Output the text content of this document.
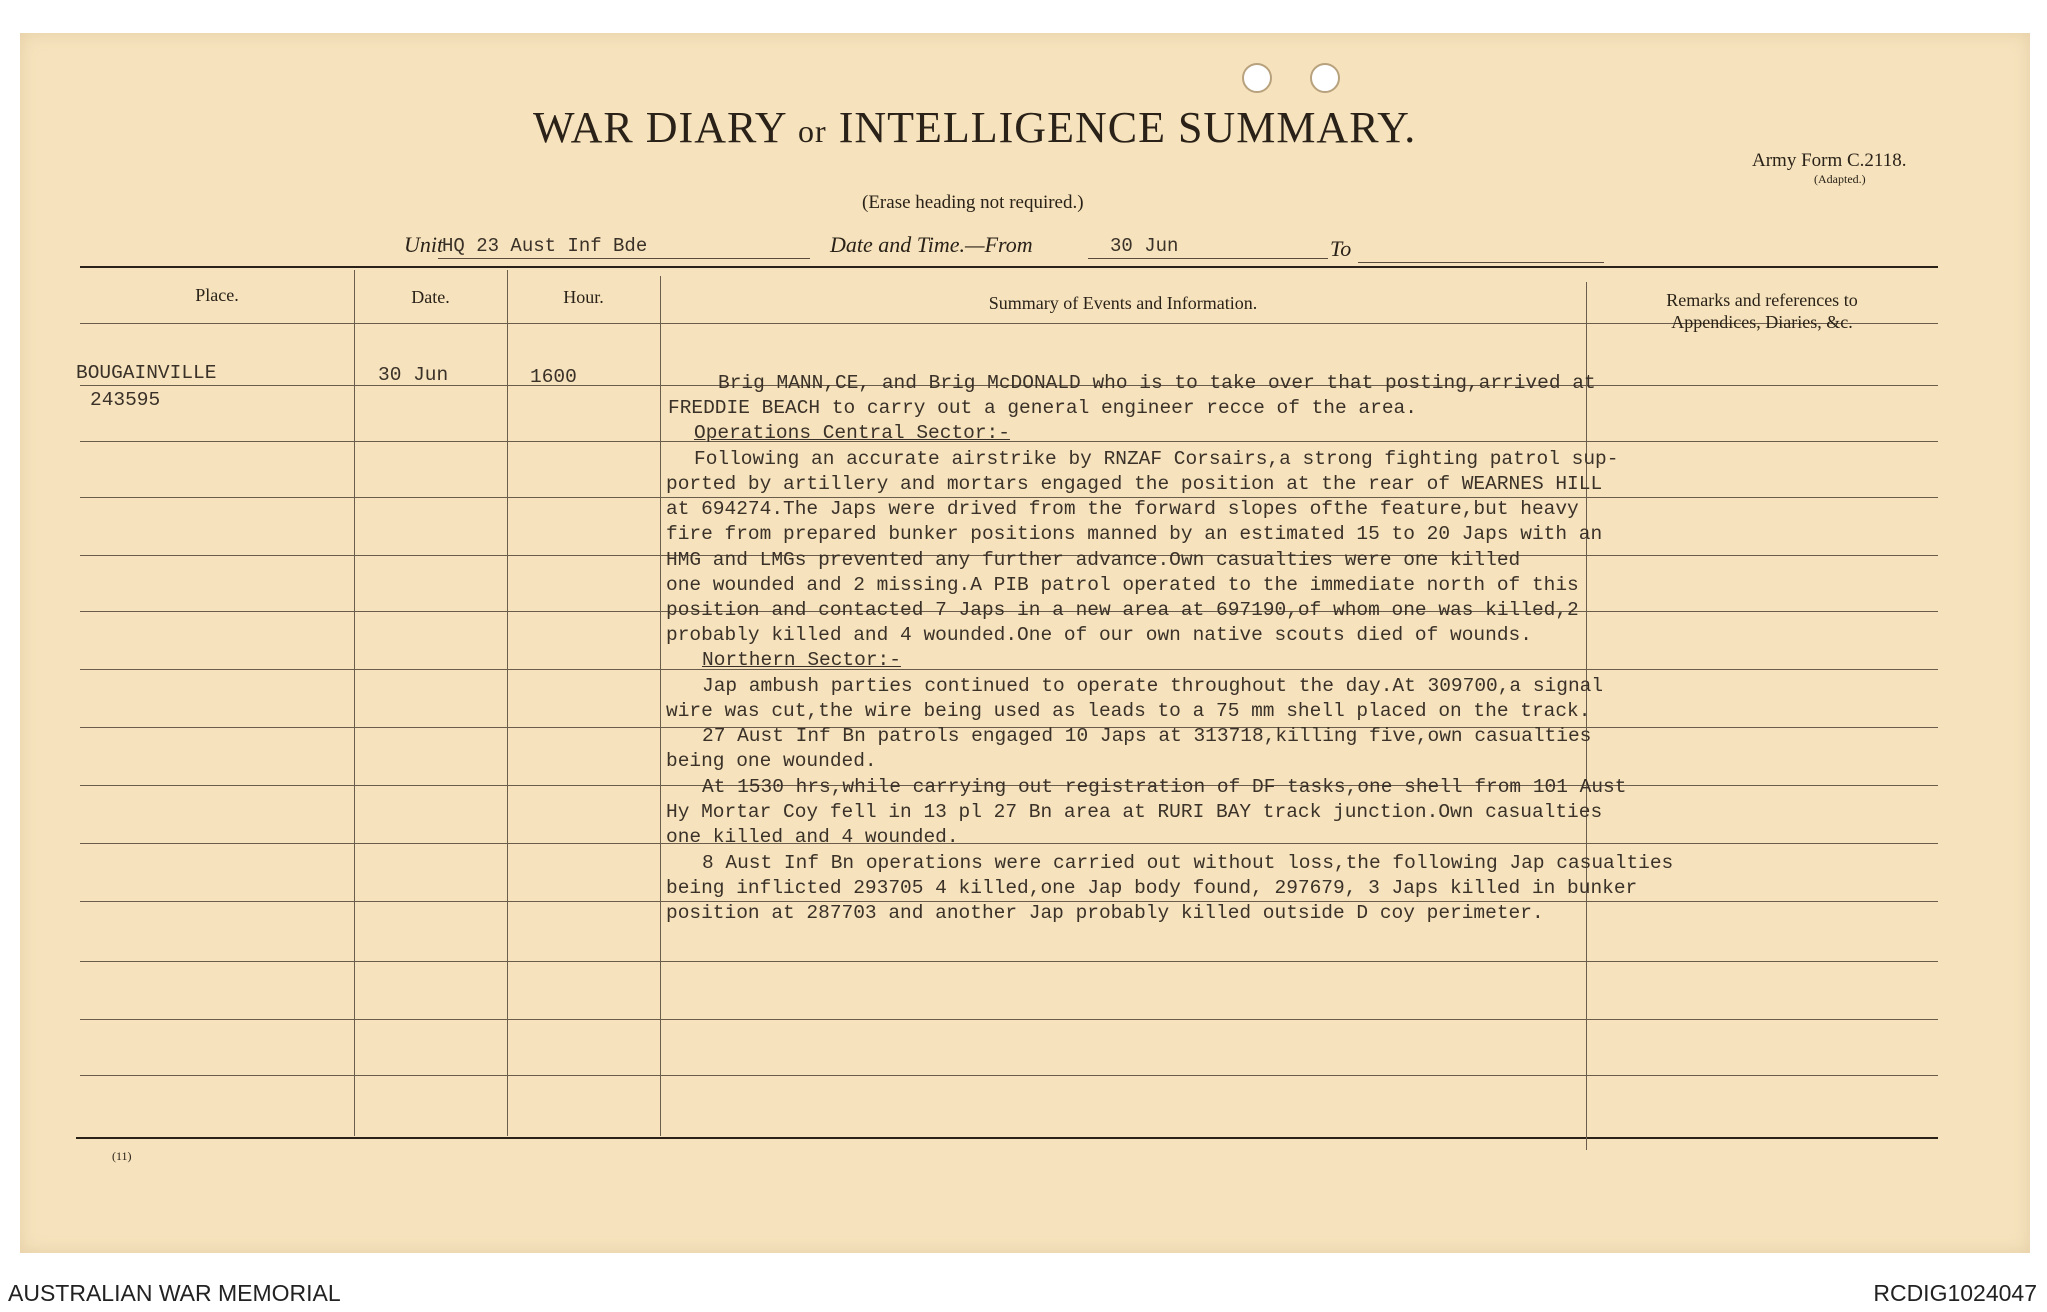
WAR DIARY or INTELLIGENCE SUMMARY.
(Erase heading not required.)
Army Form C.2118.
(Adapted.)
Unit
HQ 23 Aust Inf Bde	Date and Time.—From	30 Jun	To
Place.	Date.	Hour.	Summary of Events and Information.	Remarks and references to
Appendices, Diaries, &c.
BOUGAINVILLE
243595
30 Jun	1600	Brig MANN,CE, and Brig McDONALD who is to take over that posting,arrived at
FREDDIE BEACH to carry out a general engineer recce of the area.
Operations Central Sector:-
Following an accurate airstrike by RNZAF Corsairs,a strong fighting patrol sup-
ported by artillery and mortars engaged the position at the rear of WEARNES HILL
at 694274.The Japs were drived from the forward slopes ofthe feature,but heavy
fire from prepared bunker positions manned by an estimated 15 to 20 Japs with an
HMG and LMGs prevented any further advance.Own casualties were one killed
one wounded and 2 missing.A PIB patrol operated to the immediate north of this
position and contacted 7 Japs in a new area at 697190,of whom one was killed,2
probably killed and 4 wounded.One of our own native scouts died of wounds.
Northern Sector:-
Jap ambush parties continued to operate throughout the day.At 309700,a signal
wire was cut,the wire being used as leads to a 75 mm shell placed on the track.
27 Aust Inf Bn patrols engaged 10 Japs at 313718,killing five,own casualties
being one wounded.
At 1530 hrs,while carrying out registration of DF tasks,one shell from 101 Aust
Hy Mortar Coy fell in 13 pl 27 Bn area at RURI BAY track junction.Own casualties
one killed and 4 wounded.
8 Aust Inf Bn operations were carried out without loss,the following Jap casualties
being inflicted 293705 4 killed,one Jap body found, 297679, 3 Japs killed in bunker
position at 287703 and another Jap probably killed outside D coy perimeter.
(11)
AUSTRALIAN WAR MEMORIAL	RCDIG1024047
